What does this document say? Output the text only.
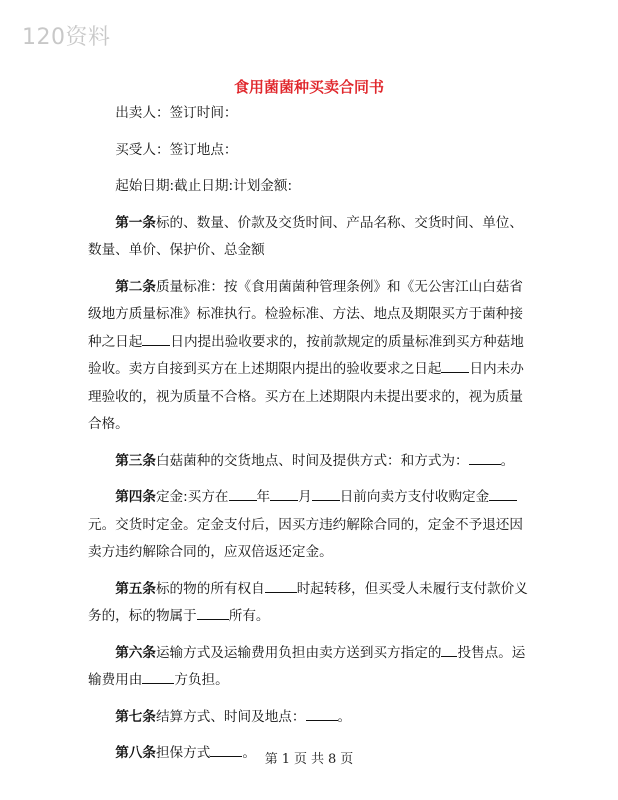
120资料
食用菌菌种买卖合同书

出卖人：签订时间：

买受人：签订地点：

起始日期:截止日期:计划金额:

第一条标的、数量、价款及交货时间、产品名称、交货时间、单位、数量、单价、保护价、总金额

第二条质量标准：按《食用菌菌种管理条例》和《无公害江山白菇省级地方质量标准》标准执行。检验标准、方法、地点及期限买方于菌种接种之日起 日内提出验收要求的，按前款规定的质量标准到买方种菇地验收。卖方自接到买方在上述期限内提出的验收要求之日起 日内未办理验收的，视为质量不合格。买方在上述期限内未提出要求的，视为质量合格。

第三条白菇菌种的交货地点、时间及提供方式：和方式为： 。

第四条定金:买方在 年 月 日前向卖方支付收购定金元。交货时定金。定金支付后，因买方违约解除合同的，定金不予退还因卖方违约解除合同的，应双倍返还定金。

第五条标的物的所有权自 时起转移，但买受人未履行支付款价义务的，标的物属于 所有。

第六条运输方式及运输费用负担由卖方送到买方指定的 投售点。运输费用由 方负担。

第七条结算方式、时间及地点： 。

第八条担保方式 。 第 1 页 共 8 页
